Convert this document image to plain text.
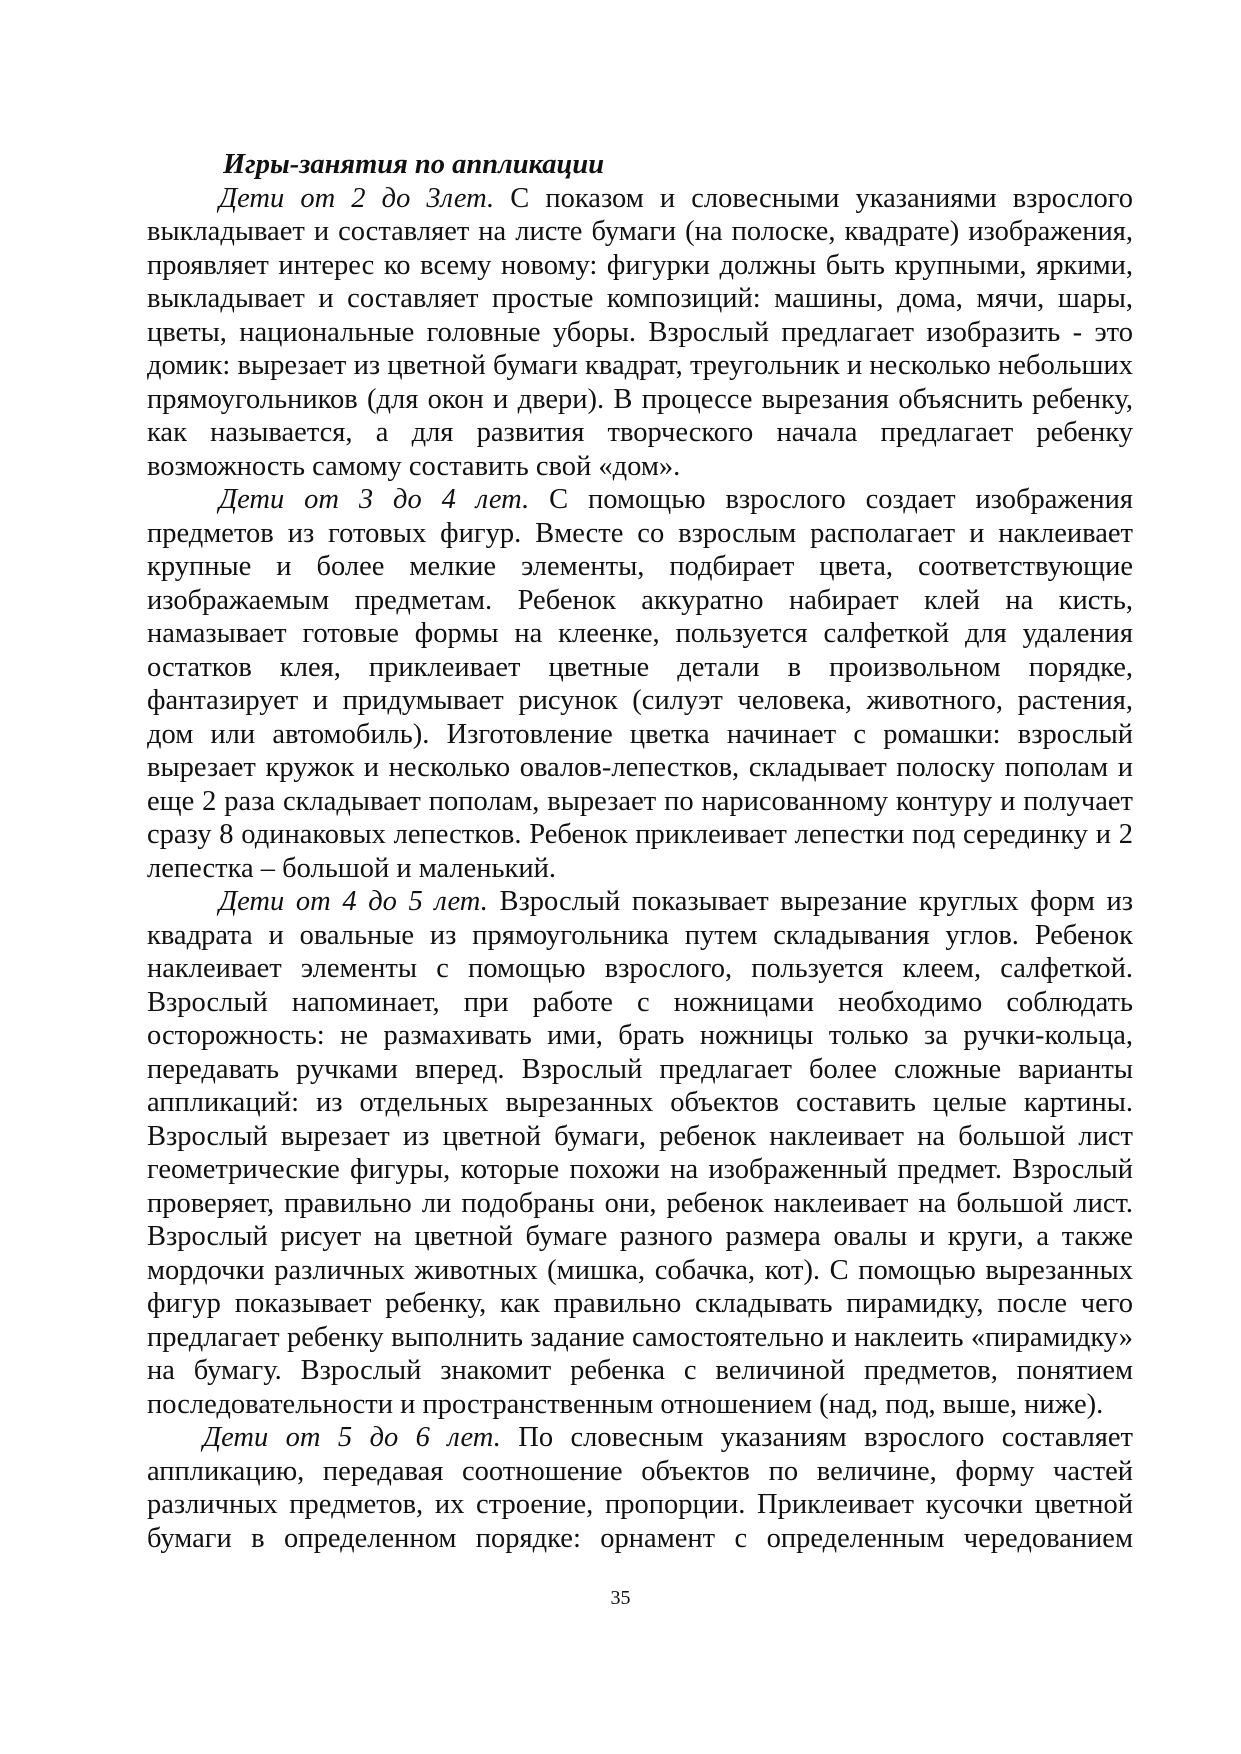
Игры-занятия по аппликации

Дети от 2 до 3лет. С показом и словесными указаниями взрослого выкладывает и составляет на листе бумаги (на полоске, квадрате) изображения, проявляет интерес ко всему новому: фигурки должны быть крупными, яркими, выкладывает и составляет простые композиций: машины, дома, мячи, шары, цветы, национальные головные уборы. Взрослый предлагает изобразить - это домик: вырезает из цветной бумаги квадрат, треугольник и несколько небольших прямоугольников (для окон и двери). В процессе вырезания объяснить ребенку, как называется, а для развития творческого начала предлагает ребенку возможность самому составить свой «дом».

Дети от 3 до 4 лет. С помощью взрослого создает изображения предметов из готовых фигур. Вместе со взрослым располагает и наклеивает крупные и более мелкие элементы, подбирает цвета, соответствующие изображаемым предметам. Ребенок аккуратно набирает клей на кисть, намазывает готовые формы на клеенке, пользуется салфеткой для удаления остатков клея, приклеивает цветные детали в произвольном порядке, фантазирует и придумывает рисунок (силуэт человека, животного, растения, дом или автомобиль). Изготовление цветка начинает с ромашки: взрослый вырезает кружок и несколько овалов-лепестков, складывает полоску пополам и еще 2 раза складывает пополам, вырезает по нарисованному контуру и получает сразу 8 одинаковых лепестков. Ребенок приклеивает лепестки под серединку и 2 лепестка – большой и маленький.

Дети от 4 до 5 лет. Взрослый показывает вырезание круглых форм из квадрата и овальные из прямоугольника путем складывания углов. Ребенок наклеивает элементы с помощью взрослого, пользуется клеем, салфеткой. Взрослый напоминает, при работе с ножницами необходимо соблюдать осторожность: не размахивать ими, брать ножницы только за ручки-кольца, передавать ручками вперед. Взрослый предлагает более сложные варианты аппликаций: из отдельных вырезанных объектов составить целые картины. Взрослый вырезает из цветной бумаги, ребенок наклеивает на большой лист геометрические фигуры, которые похожи на изображенный предмет. Взрослый проверяет, правильно ли подобраны они, ребенок наклеивает на большой лист. Взрослый рисует на цветной бумаге разного размера овалы и круги, а также мордочки различных животных (мишка, собачка, кот). С помощью вырезанных фигур показывает ребенку, как правильно складывать пирамидку, после чего предлагает ребенку выполнить задание самостоятельно и наклеить «пирамидку» на бумагу. Взрослый знакомит ребенка с величиной предметов, понятием последовательности и пространственным отношением (над, под, выше, ниже).

Дети от 5 до 6 лет. По словесным указаниям взрослого составляет аппликацию, передавая соотношение объектов по величине, форму частей различных предметов, их строение, пропорции. Приклеивает кусочки цветной бумаги в определенном порядке: орнамент с определенным чередованием

35
